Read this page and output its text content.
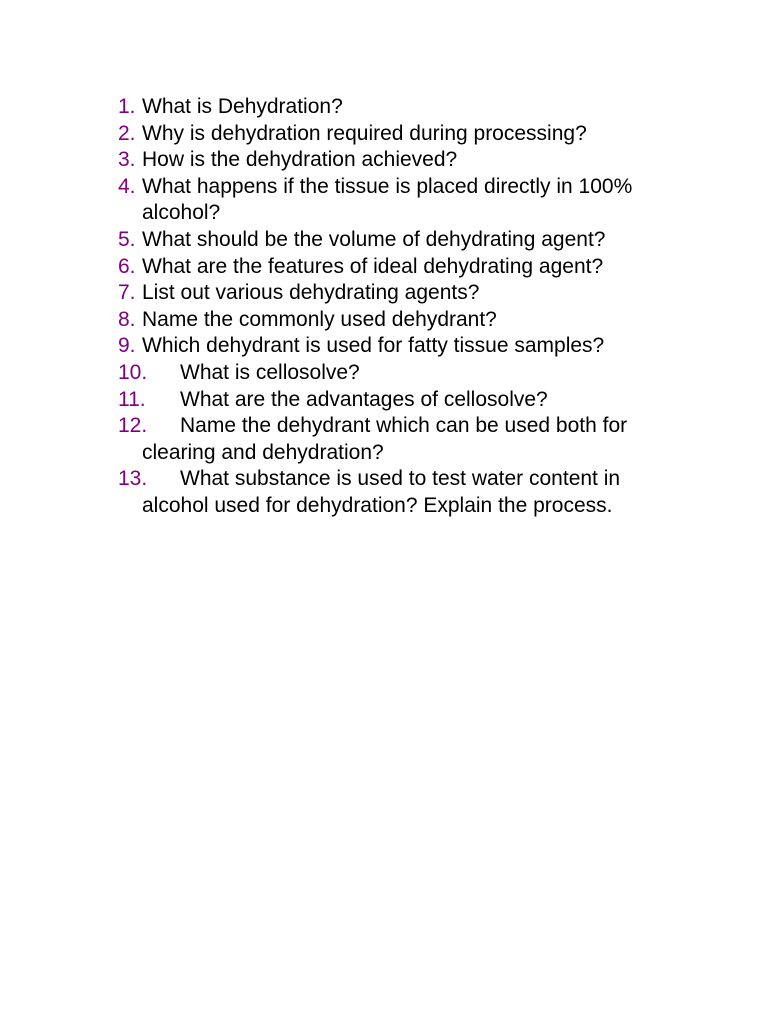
1. What is Dehydration?
2. Why is dehydration required during processing?
3. How is the dehydration achieved?
4. What happens if the tissue is placed directly in 100%
alcohol?
5. What should be the volume of dehydrating agent?
6. What are the features of ideal dehydrating agent?
7. List out various dehydrating agents?
8. Name the commonly used dehydrant?
9. Which dehydrant is used for fatty tissue samples?
10.	What is cellosolve?
11.	What are the advantages of cellosolve?
12.	Name the dehydrant which can be used both for
clearing and dehydration?
13.	What substance is used to test water content in
alcohol used for dehydration? Explain the process.
